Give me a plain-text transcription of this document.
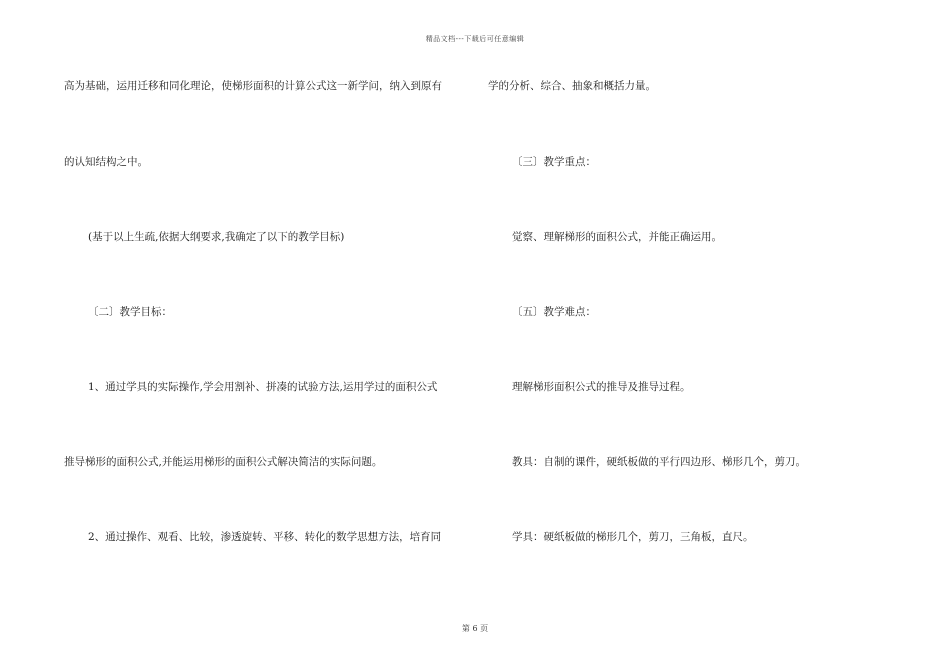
精品文档---下载后可任意编辑
高为基础，运用迁移和同化理论，使梯形面积的计算公式这一新学问，纳入到原有
的认知结构之中。
(基于以上生疏,依据大纲要求,我确定了以下的教学目标)
〔二〕教学目标：
1、通过学具的实际操作,学会用割补、拼凑的试验方法,运用学过的面积公式
推导梯形的面积公式,并能运用梯形的面积公式解决简洁的实际问题。
2、通过操作、观看、比较，渗透旋转、平移、转化的数学思想方法，培育同
学的分析、综合、抽象和概括力量。
〔三〕教学重点：
觉察、理解梯形的面积公式，并能正确运用。
〔五〕教学难点：
理解梯形面积公式的推导及推导过程。
教具：自制的课件，硬纸板做的平行四边形、梯形几个，剪刀。
学具：硬纸板做的梯形几个，剪刀，三角板，直尺。
第 6 页
